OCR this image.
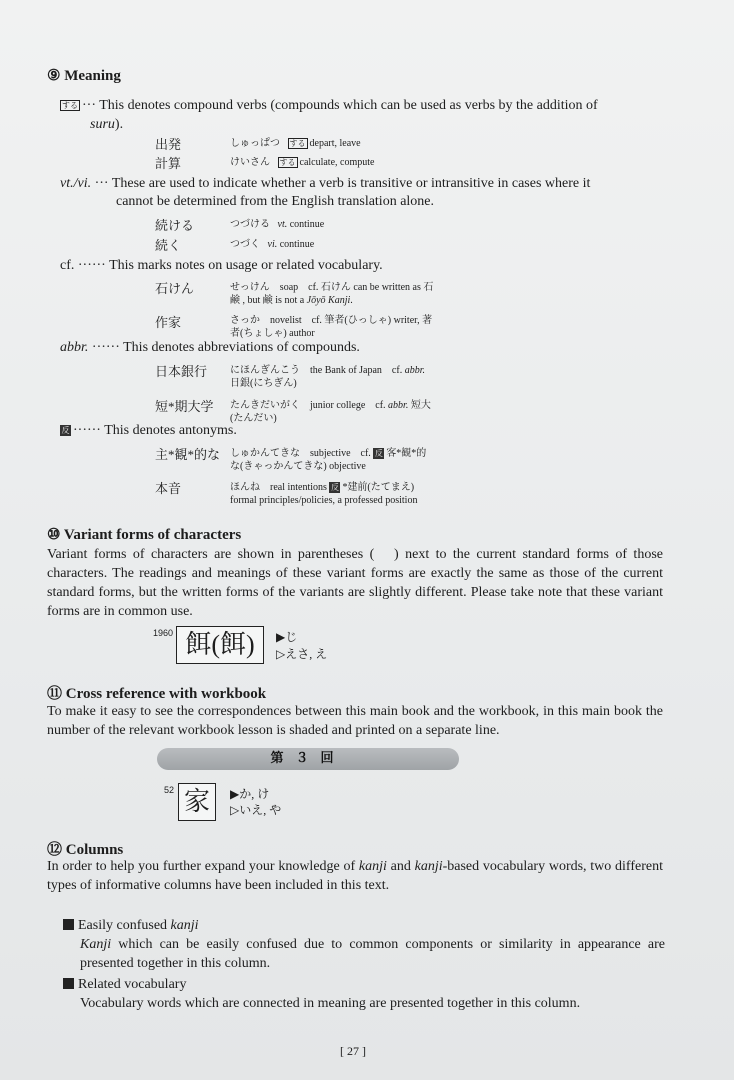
⑨ Meaning
する ··· This denotes compound verbs (compounds which can be used as verbs by the addition of
suru).
出発	しゅっぱつ する depart, leave
計算	けいさん する calculate, compute
vt./vi. ··· These are used to indicate whether a verb is transitive or intransitive in cases where it
cannot be determined from the English translation alone.
続ける	つづける vt. continue
続く	つづく vi. continue
cf. ······ This marks notes on usage or related vocabulary.
石けん	せっけん　soap　cf. 石けん can be written as 石
鹸 , but 鹸 is not a Jōyō Kanji.
作家	さっか　novelist　cf. 筆者(ひっしゃ) writer, 著
者(ちょしゃ) author
abbr. ······ This denotes abbreviations of compounds.
日本銀行 にほんぎんこう　the Bank of Japan　cf. abbr.
日銀(にちぎん)
短*期大学 たんきだいがく　junior college　cf. abbr. 短大
(たんだい)
反 ······ This denotes antonyms.
主*観*的な しゅかんてきな　subjective　cf. 反 客*観*的
な(きゃっかんてきな) objective
本音	ほんね　real intentions 反 *建前(たてまえ)
formal principles/policies, a professed position
⑩ Variant forms of characters
Variant forms of characters are shown in parentheses (　) next to the current standard forms of those characters. The readings and meanings of these variant forms are exactly the same as those of the current standard forms, but the written forms of the variants are slightly different. Please take note that these variant forms are in common use.
1960 餌(餌)	▶じ
▷えさ, え
⑪ Cross reference with workbook
To make it easy to see the correspondences between this main book and the workbook, in this main book the number of the relevant workbook lesson is shaded and printed on a separate line.
第３回
52 家	▶か, け
▷いえ, や
⑫ Columns
In order to help you further expand your knowledge of kanji and kanji-based vocabulary words, two different types of informative columns have been included in this text.
Easily confused kanji
Kanji which can be easily confused due to common components or similarity in appearance are presented together in this column.
Related vocabulary
Vocabulary words which are connected in meaning are presented together in this column.
[ 27 ]
